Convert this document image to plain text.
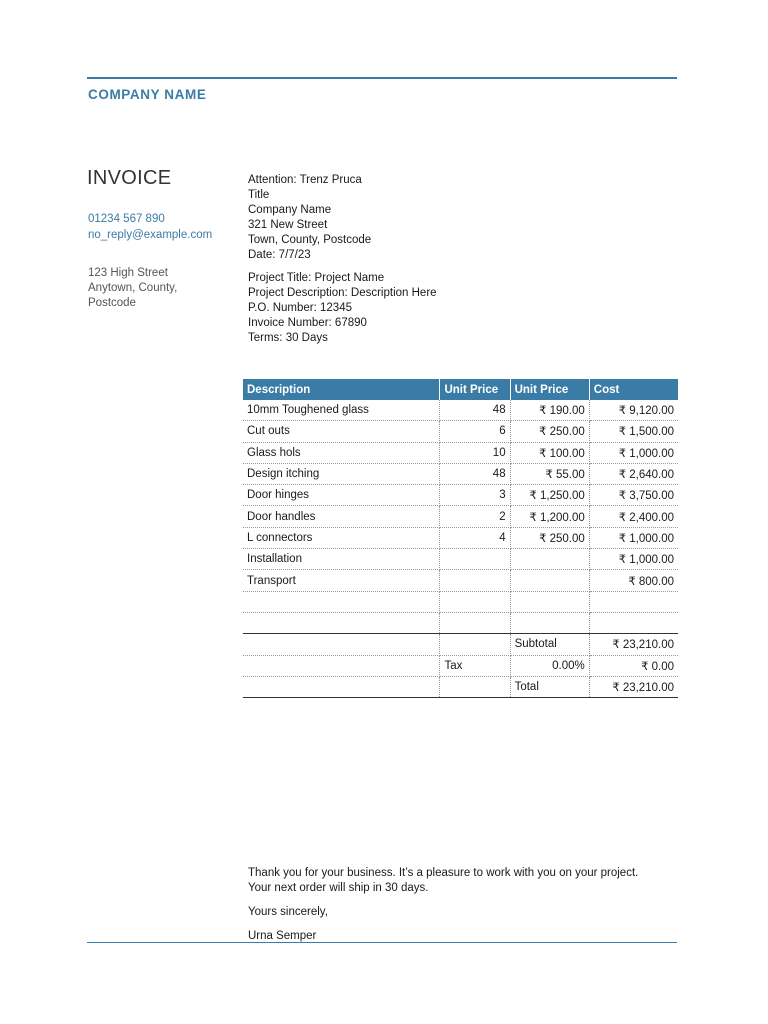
COMPANY NAME
INVOICE
01234 567 890
no_reply@example.com
123 High Street
Anytown, County,
Postcode
Attention: Trenz Pruca
Title
Company Name
321 New Street
Town, County, Postcode
Date: 7/7/23
Project Title: Project Name
Project Description: Description Here
P.O. Number: 12345
Invoice Number: 67890
Terms: 30 Days
Description	Unit Price	Unit Price	Cost
10mm Toughened glass	48	₹ 190.00	₹ 9,120.00
Cut outs	6	₹ 250.00	₹ 1,500.00
Glass hols	10	₹ 100.00	₹ 1,000.00
Design itching	48	₹ 55.00	₹ 2,640.00
Door hinges	3	₹ 1,250.00	₹ 3,750.00
Door handles	2	₹ 1,200.00	₹ 2,400.00
L connectors	4	₹ 250.00	₹ 1,000.00
Installation			₹ 1,000.00
Transport			₹ 800.00

		Subtotal	₹ 23,210.00
	Tax	0.00%	₹ 0.00
		Total	₹ 23,210.00
Thank you for your business. It’s a pleasure to work with you on your project.
Your next order will ship in 30 days.
Yours sincerely,
Urna Semper
